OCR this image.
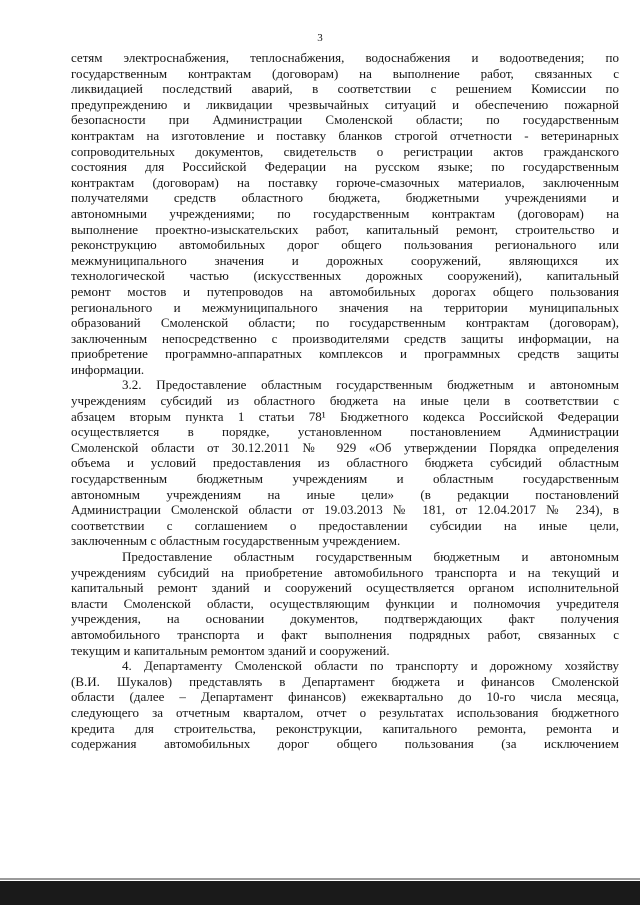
3

сетям электроснабжения, теплоснабжения, водоснабжения и водоотведения; по

государственным контрактам (договорам) на выполнение работ, связанных с

ликвидацией последствий аварий, в соответствии с решением Комиссии по

предупреждению и ликвидации чрезвычайных ситуаций и обеспечению пожарной

безопасности при Администрации Смоленской области; по государственным

контрактам на изготовление и поставку бланков строгой отчетности - ветеринарных

сопроводительных документов, свидетельств о регистрации актов гражданского

состояния для Российской Федерации на русском языке; по государственным

контрактам (договорам) на поставку горюче-смазочных материалов, заключенным

получателями средств областного бюджета, бюджетными учреждениями и

автономными учреждениями; по государственным контрактам (договорам) на

выполнение проектно-изыскательских работ, капитальный ремонт, строительство и

реконструкцию автомобильных дорог общего пользования регионального или

межмуниципального значения и дорожных сооружений, являющихся их

технологической частью (искусственных дорожных сооружений), капитальный

ремонт мостов и путепроводов на автомобильных дорогах общего пользования

регионального и межмуниципального значения на территории муниципальных

образований Смоленской области; по государственным контрактам (договорам),

заключенным непосредственно с производителями средств защиты информации, на

приобретение программно-аппаратных комплексов и программных средств защиты

информации.

3.2. Предоставление областным государственным бюджетным и автономным

учреждениям субсидий из областного бюджета на иные цели в соответствии с

абзацем вторым пункта 1 статьи 78¹ Бюджетного кодекса Российской Федерации

осуществляется в порядке, установленном постановлением Администрации

Смоленской области от 30.12.2011 № 929 «Об утверждении Порядка определения

объема и условий предоставления из областного бюджета субсидий областным

государственным бюджетным учреждениям и областным государственным

автономным учреждениям на иные цели» (в редакции постановлений

Администрации Смоленской области от 19.03.2013 № 181, от 12.04.2017 № 234), в

соответствии с соглашением о предоставлении субсидии на иные цели,

заключенным с областным государственным учреждением.

Предоставление областным государственным бюджетным и автономным

учреждениям субсидий на приобретение автомобильного транспорта и на текущий и

капитальный ремонт зданий и сооружений осуществляется органом исполнительной

власти Смоленской области, осуществляющим функции и полномочия учредителя

учреждения, на основании документов, подтверждающих факт получения

автомобильного транспорта и факт выполнения подрядных работ, связанных с

текущим и капитальным ремонтом зданий и сооружений.

4. Департаменту Смоленской области по транспорту и дорожному хозяйству

(В.И. Шукалов) представлять в Департамент бюджета и финансов Смоленской

области (далее – Департамент финансов) ежеквартально до 10-го числа месяца,

следующего за отчетным кварталом, отчет о результатах использования бюджетного

кредита для строительства, реконструкции, капитального ремонта, ремонта и

содержания автомобильных дорог общего пользования (за исключением
